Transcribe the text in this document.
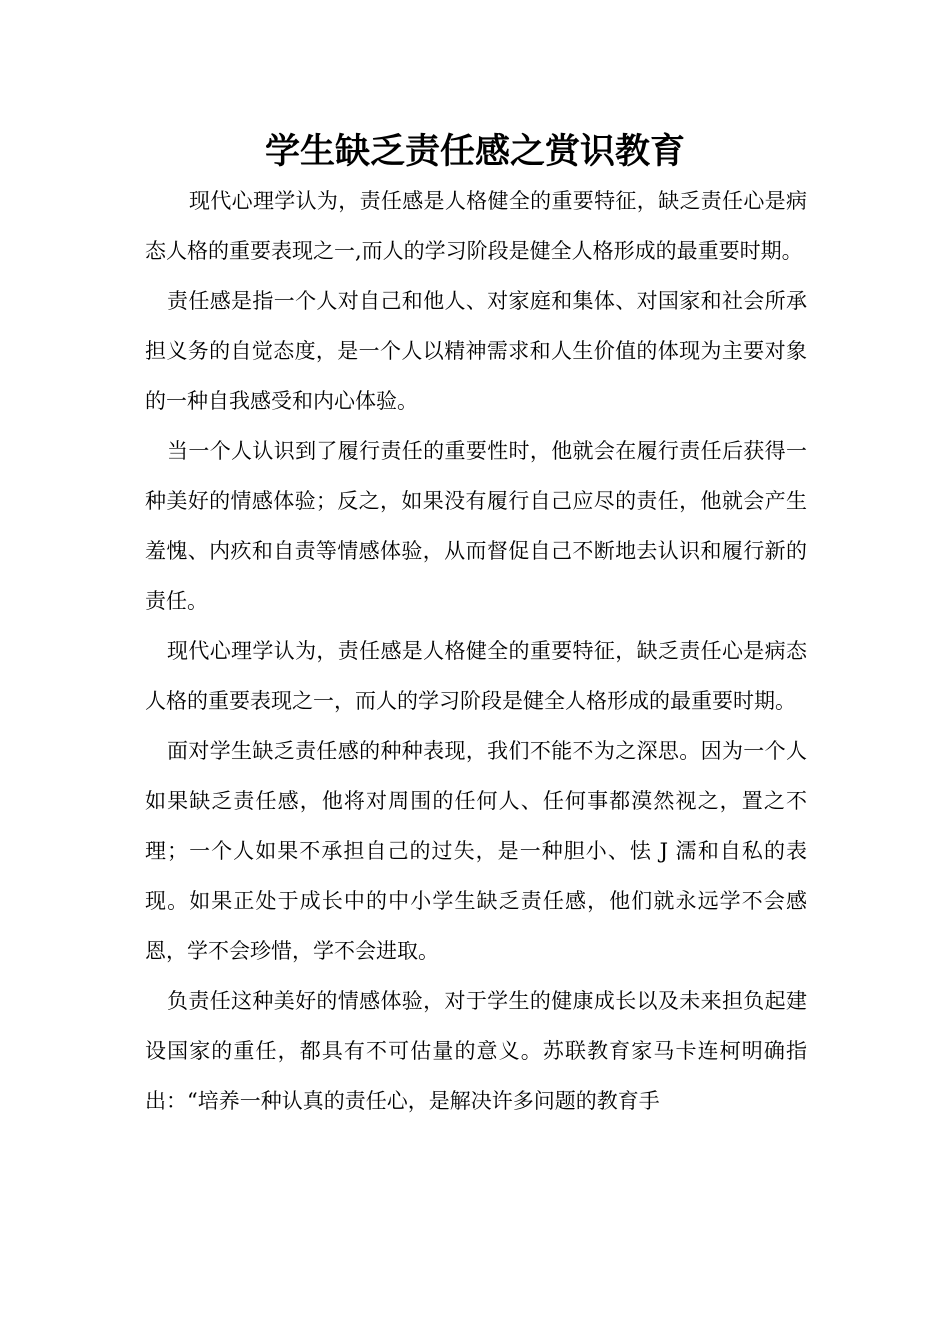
学生缺乏责任感之赏识教育

现代心理学认为，责任感是人格健全的重要特征，缺乏责任心是病态人格的重要表现之一,而人的学习阶段是健全人格形成的最重要时期。

责任感是指一个人对自己和他人、对家庭和集体、对国家和社会所承担义务的自觉态度，是一个人以精神需求和人生价值的体现为主要对象的一种自我感受和内心体验。

当一个人认识到了履行责任的重要性时，他就会在履行责任后获得一种美好的情感体验；反之，如果没有履行自己应尽的责任，他就会产生羞愧、内疚和自责等情感体验，从而督促自己不断地去认识和履行新的责任。

现代心理学认为，责任感是人格健全的重要特征，缺乏责任心是病态人格的重要表现之一，而人的学习阶段是健全人格形成的最重要时期。

面对学生缺乏责任感的种种表现，我们不能不为之深思。因为一个人如果缺乏责任感，他将对周围的任何人、任何事都漠然视之，置之不理；一个人如果不承担自己的过失，是一种胆小、怯 J 濡和自私的表现。如果正处于成长中的中小学生缺乏责任感，他们就永远学不会感恩，学不会珍惜，学不会进取。

负责任这种美好的情感体验，对于学生的健康成长以及未来担负起建设国家的重任，都具有不可估量的意义。苏联教育家马卡连柯明确指出：“培养一种认真的责任心，是解决许多问题的教育手
